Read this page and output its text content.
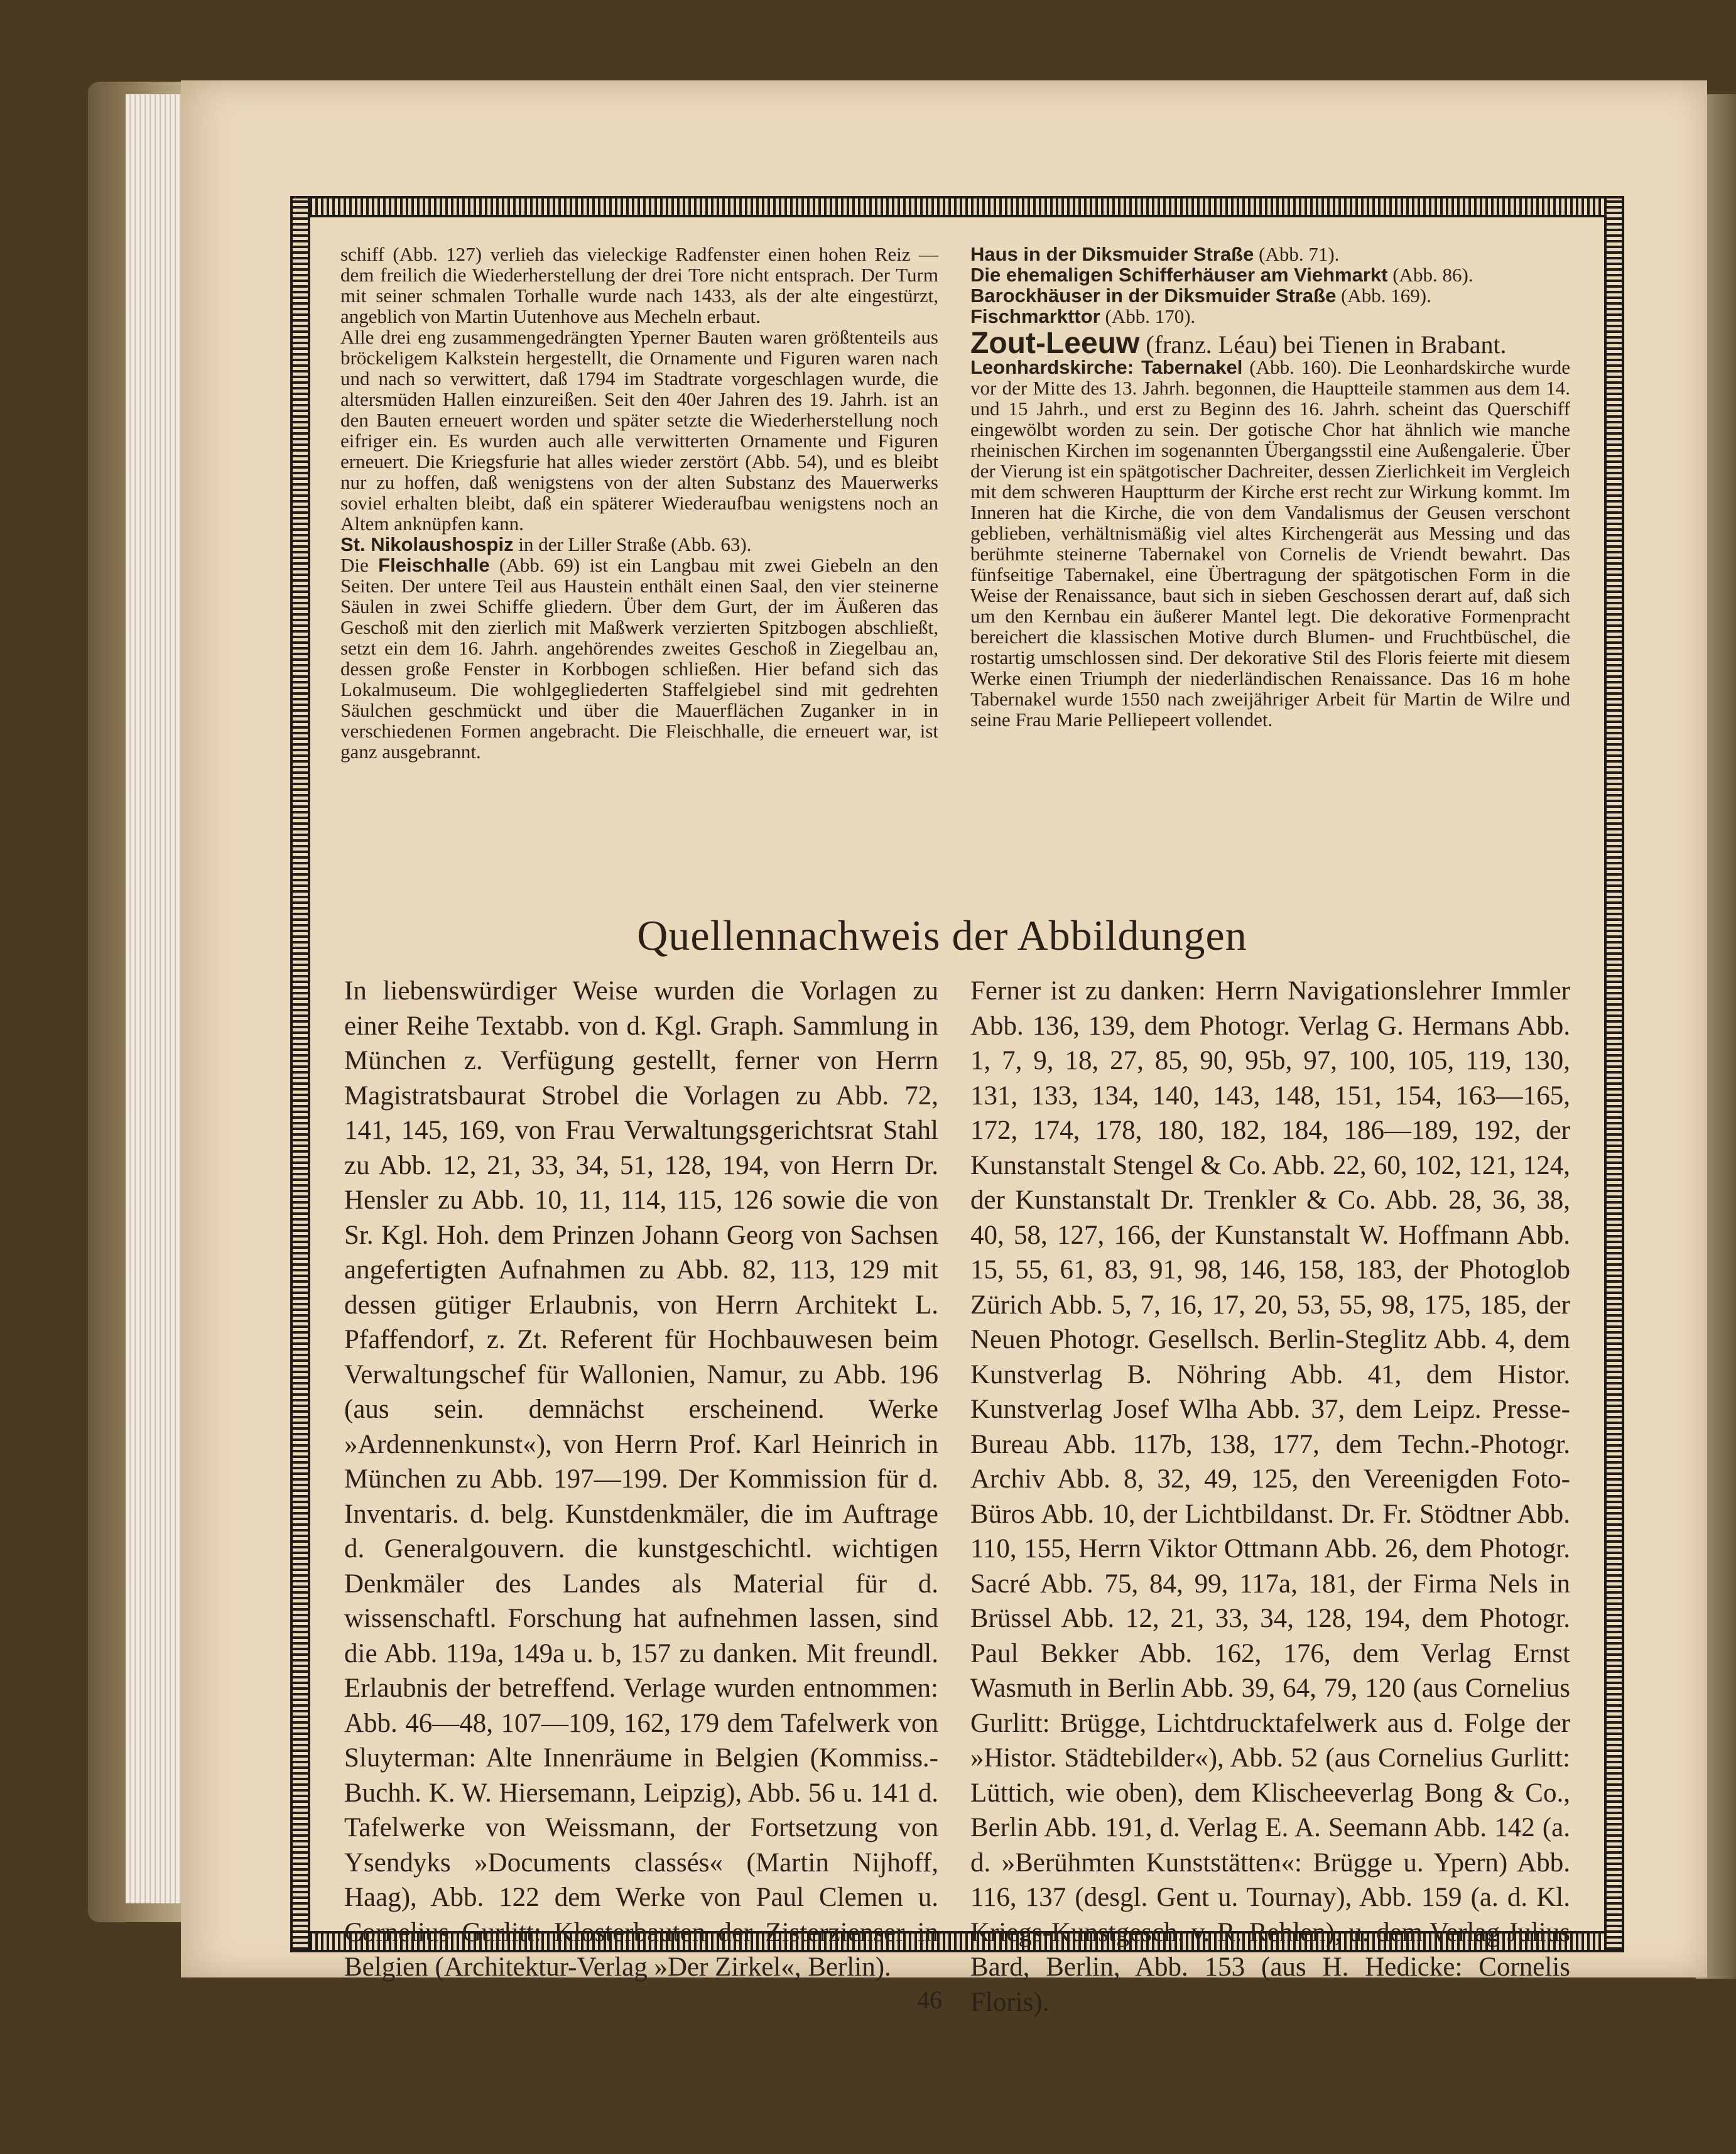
schiff (Abb. 127) verlieh das vieleckige Radfenster einen hohen Reiz — dem freilich die Wiederherstellung der drei Tore nicht entsprach. Der Turm mit seiner schmalen Torhalle wurde nach 1433, als der alte eingestürzt, angeblich von Martin Uutenhove aus Mecheln erbaut.

Alle drei eng zusammengedrängten Yperner Bauten waren größtenteils aus bröckeligem Kalkstein hergestellt, die Ornamente und Figuren waren nach und nach so verwittert, daß 1794 im Stadtrate vorgeschlagen wurde, die altersmüden Hallen einzureißen. Seit den 40er Jahren des 19. Jahrh. ist an den Bauten erneuert worden und später setzte die Wiederherstellung noch eifriger ein. Es wurden auch alle verwitterten Ornamente und Figuren erneuert. Die Kriegsfurie hat alles wieder zerstört (Abb. 54), und es bleibt nur zu hoffen, daß wenigstens von der alten Substanz des Mauerwerks soviel erhalten bleibt, daß ein späterer Wiederaufbau wenigstens noch an Altem anknüpfen kann.

St. Nikolaushospiz in der Liller Straße (Abb. 63).

Die Fleischhalle (Abb. 69) ist ein Langbau mit zwei Giebeln an den Seiten. Der untere Teil aus Haustein enthält einen Saal, den vier steinerne Säulen in zwei Schiffe gliedern. Über dem Gurt, der im Äußeren das Geschoß mit den zierlich mit Maßwerk verzierten Spitzbogen abschließt, setzt ein dem 16. Jahrh. angehörendes zweites Geschoß in Ziegelbau an, dessen große Fenster in Korbbogen schließen. Hier befand sich das Lokalmuseum. Die wohlgegliederten Staffelgiebel sind mit gedrehten Säulchen geschmückt und über die Mauerflächen Zuganker in in verschiedenen Formen angebracht. Die Fleischhalle, die erneuert war, ist ganz ausgebrannt.

Haus in der Diksmuider Straße (Abb. 71).

Die ehemaligen Schifferhäuser am Viehmarkt (Abb. 86).

Barockhäuser in der Diksmuider Straße (Abb. 169).

Fischmarkttor (Abb. 170).

Zout-Leeuw (franz. Léau) bei Tienen in Brabant.

Leonhardskirche: Tabernakel (Abb. 160). Die Leonhardskirche wurde vor der Mitte des 13. Jahrh. begonnen, die Hauptteile stammen aus dem 14. und 15 Jahrh., und erst zu Beginn des 16. Jahrh. scheint das Querschiff eingewölbt worden zu sein. Der gotische Chor hat ähnlich wie manche rheinischen Kirchen im sogenannten Übergangsstil eine Außengalerie. Über der Vierung ist ein spätgotischer Dachreiter, dessen Zierlichkeit im Vergleich mit dem schweren Hauptturm der Kirche erst recht zur Wirkung kommt. Im Inneren hat die Kirche, die von dem Vandalismus der Geusen verschont geblieben, verhältnismäßig viel altes Kirchengerät aus Messing und das berühmte steinerne Tabernakel von Cornelis de Vriendt bewahrt. Das fünfseitige Tabernakel, eine Übertragung der spätgotischen Form in die Weise der Renaissance, baut sich in sieben Geschossen derart auf, daß sich um den Kernbau ein äußerer Mantel legt. Die dekorative Formenpracht bereichert die klassischen Motive durch Blumen- und Fruchtbüschel, die rostartig umschlossen sind. Der dekorative Stil des Floris feierte mit diesem Werke einen Triumph der niederländischen Renaissance. Das 16 m hohe Tabernakel wurde 1550 nach zweijähriger Arbeit für Martin de Wilre und seine Frau Marie Pelliepeert vollendet.

Quellennachweis der Abbildungen

In liebenswürdiger Weise wurden die Vorlagen zu einer Reihe Textabb. von d. Kgl. Graph. Sammlung in München z. Verfügung gestellt, ferner von Herrn Magistratsbaurat Strobel die Vorlagen zu Abb. 72, 141, 145, 169, von Frau Verwaltungsgerichtsrat Stahl zu Abb. 12, 21, 33, 34, 51, 128, 194, von Herrn Dr. Hensler zu Abb. 10, 11, 114, 115, 126 sowie die von Sr. Kgl. Hoh. dem Prinzen Johann Georg von Sachsen angefertigten Aufnahmen zu Abb. 82, 113, 129 mit dessen gütiger Erlaubnis, von Herrn Architekt L. Pfaffendorf, z. Zt. Referent für Hochbauwesen beim Verwaltungschef für Wallonien, Namur, zu Abb. 196 (aus sein. demnächst erscheinend. Werke »Ardennenkunst«), von Herrn Prof. Karl Heinrich in München zu Abb. 197—199. Der Kommission für d. Inventaris. d. belg. Kunstdenkmäler, die im Auftrage d. Generalgouvern. die kunstgeschichtl. wichtigen Denkmäler des Landes als Material für d. wissenschaftl. Forschung hat aufnehmen lassen, sind die Abb. 119a, 149a u. b, 157 zu danken. Mit freundl. Erlaubnis der betreffend. Verlage wurden entnommen: Abb. 46—48, 107—109, 162, 179 dem Tafelwerk von Sluyterman: Alte Innenräume in Belgien (Kommiss.-Buchh. K. W. Hiersemann, Leipzig), Abb. 56 u. 141 d. Tafelwerke von Weissmann, der Fortsetzung von Ysendyks »Documents classés« (Martin Nijhoff, Haag), Abb. 122 dem Werke von Paul Clemen u. Cornelius Gurlitt: Klosterbauten der Zisterzienser in Belgien (Architektur-Verlag »Der Zirkel«, Berlin).

Ferner ist zu danken: Herrn Navigationslehrer Immler Abb. 136, 139, dem Photogr. Verlag G. Hermans Abb. 1, 7, 9, 18, 27, 85, 90, 95b, 97, 100, 105, 119, 130, 131, 133, 134, 140, 143, 148, 151, 154, 163—165, 172, 174, 178, 180, 182, 184, 186—189, 192, der Kunstanstalt Stengel & Co. Abb. 22, 60, 102, 121, 124, der Kunstanstalt Dr. Trenkler & Co. Abb. 28, 36, 38, 40, 58, 127, 166, der Kunstanstalt W. Hoffmann Abb. 15, 55, 61, 83, 91, 98, 146, 158, 183, der Photoglob Zürich Abb. 5, 7, 16, 17, 20, 53, 55, 98, 175, 185, der Neuen Photogr. Gesellsch. Berlin-Steglitz Abb. 4, dem Kunstverlag B. Nöhring Abb. 41, dem Histor. Kunstverlag Josef Wlha Abb. 37, dem Leipz. Presse-Bureau Abb. 117b, 138, 177, dem Techn.-Photogr. Archiv Abb. 8, 32, 49, 125, den Vereenigden Foto-Büros Abb. 10, der Lichtbildanst. Dr. Fr. Stödtner Abb. 110, 155, Herrn Viktor Ottmann Abb. 26, dem Photogr. Sacré Abb. 75, 84, 99, 117a, 181, der Firma Nels in Brüssel Abb. 12, 21, 33, 34, 128, 194, dem Photogr. Paul Bekker Abb. 162, 176, dem Verlag Ernst Wasmuth in Berlin Abb. 39, 64, 79, 120 (aus Cornelius Gurlitt: Brügge, Lichtdrucktafelwerk aus d. Folge der »Histor. Städtebilder«), Abb. 52 (aus Cornelius Gurlitt: Lüttich, wie oben), dem Klischeeverlag Bong & Co., Berlin Abb. 191, d. Verlag E. A. Seemann Abb. 142 (a. d. »Berühmten Kunststätten«: Brügge u. Ypern) Abb. 116, 137 (desgl. Gent u. Tournay), Abb. 159 (a. d. Kl. Kriegs-Kunstgesch. v. R. Rehlen), u. dem Verlag Julius Bard, Berlin, Abb. 153 (aus H. Hedicke: Cornelis Floris).

46
